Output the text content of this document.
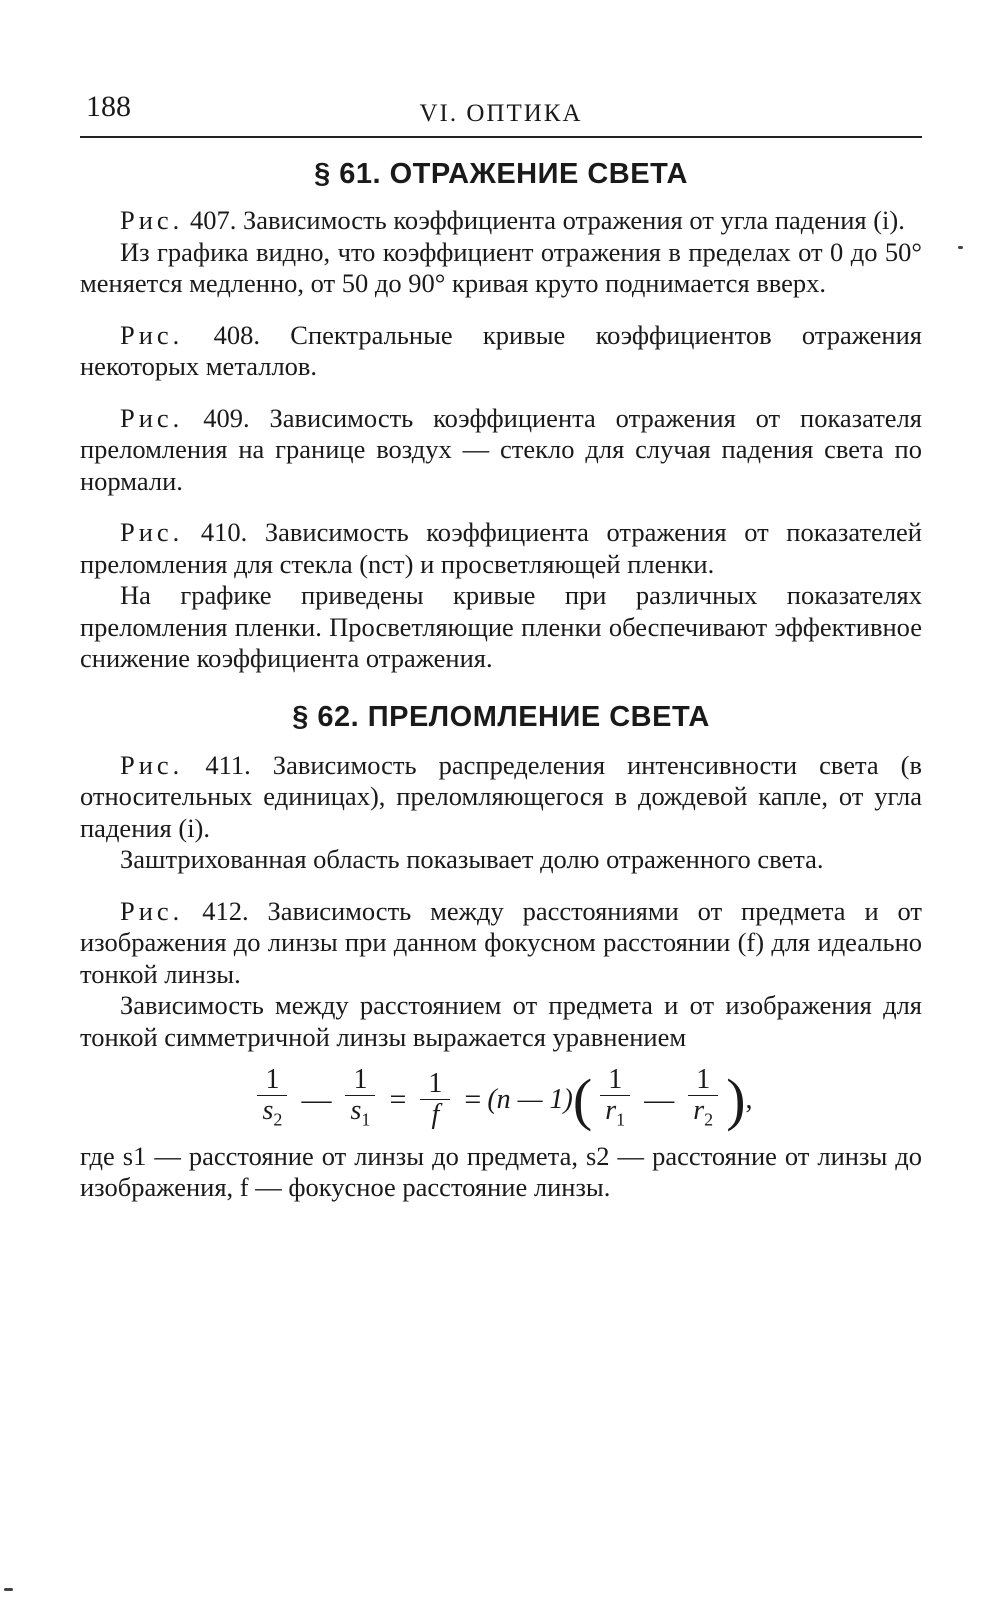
188	VI. ОПТИКА
§ 61. ОТРАЖЕНИЕ СВЕТА

Рис. 407. Зависимость коэффициента отражения от угла падения (i).

Из графика видно, что коэффициент отражения в пределах от 0 до 50° меняется медленно, от 50 до 90° кривая круто поднимается вверх.

Рис. 408. Спектральные кривые коэффициентов отражения некоторых металлов.

Рис. 409. Зависимость коэффициента отражения от показателя преломления на границе воздух — стекло для случая падения света по нормали.

Рис. 410. Зависимость коэффициента отражения от показателей преломления для стекла (nст) и просветляющей пленки.

На графике приведены кривые при различных показателях преломления пленки. Просветляющие пленки обеспечивают эффективное снижение коэффициента отражения.

§ 62. ПРЕЛОМЛЕНИЕ СВЕТА

Рис. 411. Зависимость распределения интенсивности света (в относительных единицах), преломляющегося в дождевой капле, от угла падения (i).

Заштрихованная область показывает долю отраженного света.

Рис. 412. Зависимость между расстояниями от предмета и от изображения до линзы при данном фокусном расстоянии (f) для идеально тонкой линзы.

Зависимость между расстоянием от предмета и от изображения для тонкой симметричной линзы выражается уравнением

$\frac{1}{s_2}$ — $\frac{1}{s_1} = \frac{1}{f} = (n$ — 1) ( $\frac{1}{r_1}$ — $\frac{1}{r_2}$ ) ,

где s1 — расстояние от линзы до предмета, s2 — расстояние от линзы до изображения, f — фокусное расстояние линзы.
